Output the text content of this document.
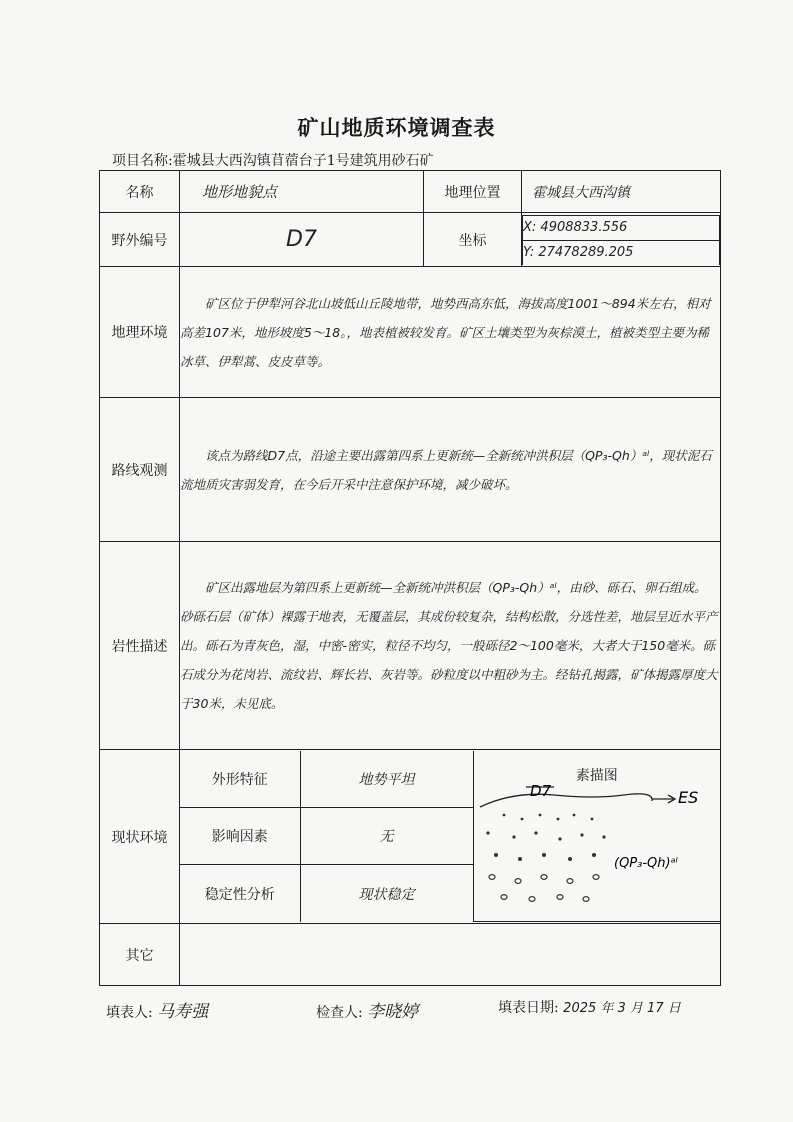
矿山地质环境调查表
项目名称:霍城县大西沟镇苜蓿台子1号建筑用砂石矿
名称	地形地貌点	地理位置	霍城县大西沟镇
野外编号	D7	坐标	
X: 4908833.556
Y: 27478289.205

地理环境	

矿区位于伊犁河谷北山坡低山丘陵地带，地势西高东低，海拔高度1001～894米左右，相对高差107米，地形坡度5～18。，地表植被较发育。矿区土壤类型为灰棕漠土，植被类型主要为稀冰草、伊犁蒿、皮皮草等。

路线观测	

该点为路线D7点，沿途主要出露第四系上更新统—全新统冲洪积层（QP₃-Qh）ᵃˡ，现状泥石流地质灾害弱发育，在今后开采中注意保护环境，减少破坏。

岩性描述	

矿区出露地层为第四系上更新统—全新统冲洪积层（QP₃-Qh）ᵃˡ，由砂、砾石、卵石组成。

砂砾石层（矿体）裸露于地表，无覆盖层，其成份较复杂，结构松散，分选性差，地层呈近水平产出。砾石为青灰色，湿，中密-密实，粒径不均匀，一般砾径2～100毫米，大者大于150毫米。砾石成分为花岗岩、流纹岩、辉长岩、灰岩等。砂粒度以中粗砂为主。经钻孔揭露，矿体揭露厚度大于30米，未见底。

现状环境	
外形特征	地势平坦	素描图
D7	ES
(QP₃-Qh)ᵃˡ

影响因素	无
稳定性分析	现状稳定

其它	
填表人: 马寿强	检查人: 李晓婷	填表日期: 2025 年 3 月 17 日
